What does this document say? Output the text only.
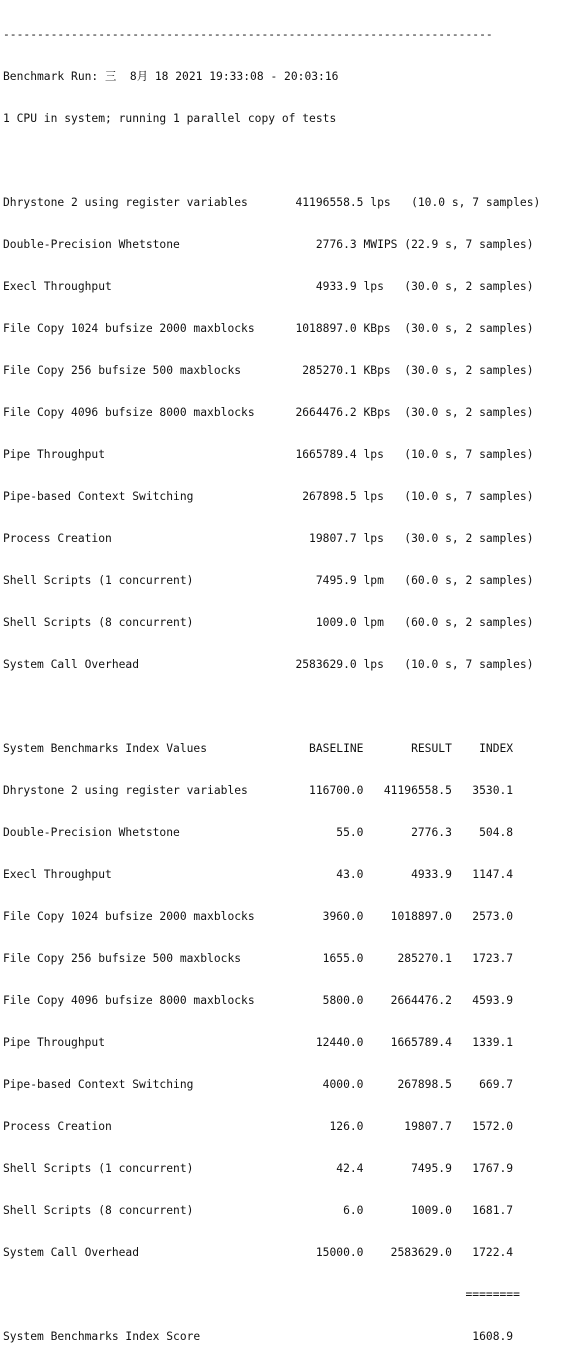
------------------------------------------------------------------------

Benchmark Run: 三  8月 18 2021 19:33:08 - 20:03:16

1 CPU in system; running 1 parallel copy of tests

Dhrystone 2 using register variables       41196558.5 lps   (10.0 s, 7 samples)

Double-Precision Whetstone                    2776.3 MWIPS (22.9 s, 7 samples)

Execl Throughput                              4933.9 lps   (30.0 s, 2 samples)

File Copy 1024 bufsize 2000 maxblocks      1018897.0 KBps  (30.0 s, 2 samples)

File Copy 256 bufsize 500 maxblocks         285270.1 KBps  (30.0 s, 2 samples)

File Copy 4096 bufsize 8000 maxblocks      2664476.2 KBps  (30.0 s, 2 samples)

Pipe Throughput                            1665789.4 lps   (10.0 s, 7 samples)

Pipe-based Context Switching                267898.5 lps   (10.0 s, 7 samples)

Process Creation                             19807.7 lps   (30.0 s, 2 samples)

Shell Scripts (1 concurrent)                  7495.9 lpm   (60.0 s, 2 samples)

Shell Scripts (8 concurrent)                  1009.0 lpm   (60.0 s, 2 samples)

System Call Overhead                       2583629.0 lps   (10.0 s, 7 samples)

System Benchmarks Index Values               BASELINE       RESULT    INDEX

Dhrystone 2 using register variables         116700.0   41196558.5   3530.1

Double-Precision Whetstone                       55.0       2776.3    504.8

Execl Throughput                                 43.0       4933.9   1147.4

File Copy 1024 bufsize 2000 maxblocks          3960.0    1018897.0   2573.0

File Copy 256 bufsize 500 maxblocks            1655.0     285270.1   1723.7

File Copy 4096 bufsize 8000 maxblocks          5800.0    2664476.2   4593.9

Pipe Throughput                               12440.0    1665789.4   1339.1

Pipe-based Context Switching                   4000.0     267898.5    669.7

Process Creation                                126.0      19807.7   1572.0

Shell Scripts (1 concurrent)                     42.4       7495.9   1767.9

Shell Scripts (8 concurrent)                      6.0       1009.0   1681.7

System Call Overhead                          15000.0    2583629.0   1722.4

========

System Benchmarks Index Score                                        1608.9
